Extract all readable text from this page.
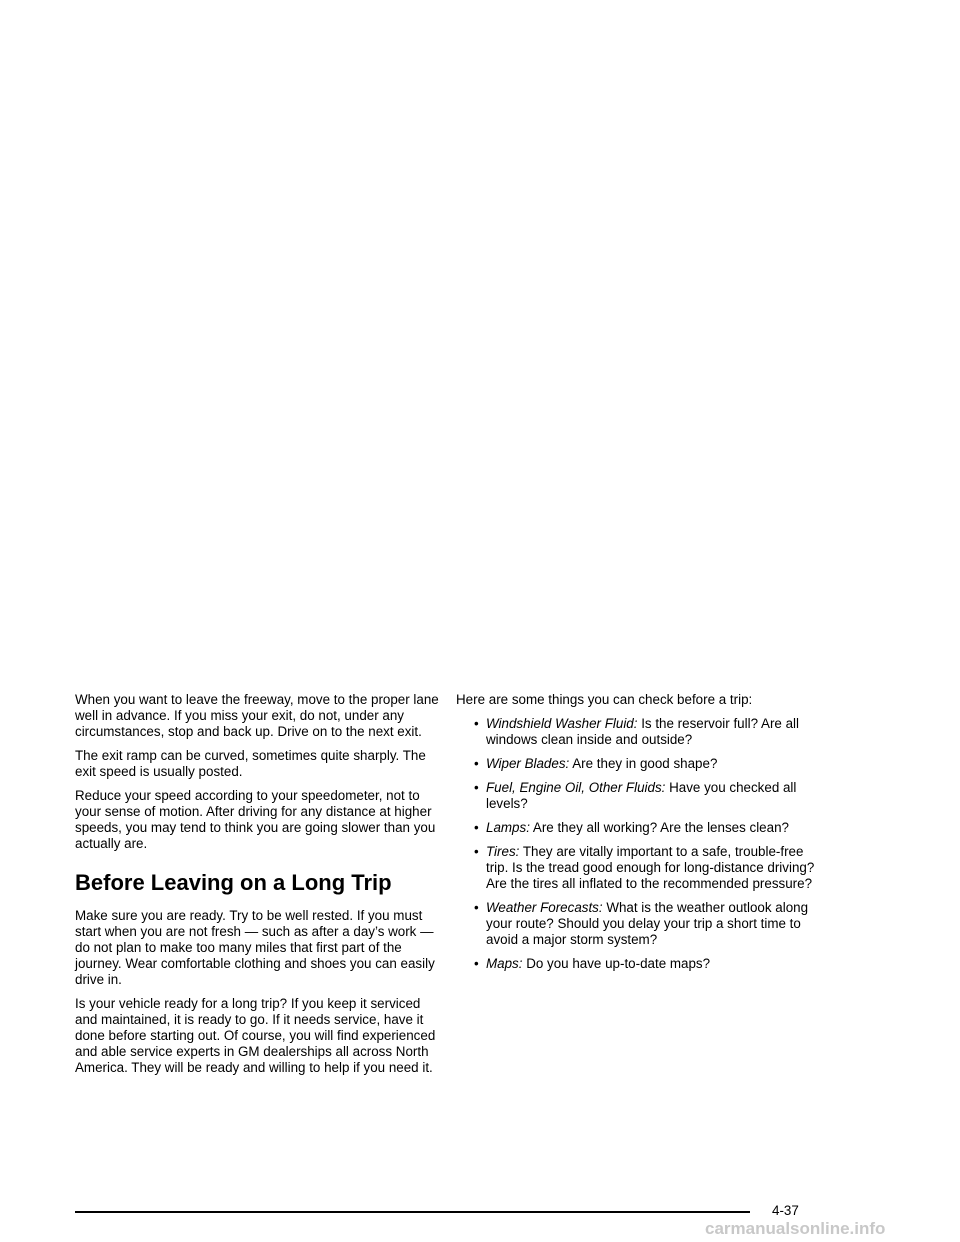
When you want to leave the freeway, move to the proper lane well in advance. If you miss your exit, do not, under any circumstances, stop and back up. Drive on to the next exit.

The exit ramp can be curved, sometimes quite sharply. The exit speed is usually posted.

Reduce your speed according to your speedometer, not to your sense of motion. After driving for any distance at higher speeds, you may tend to think you are going slower than you actually are.

Before Leaving on a Long Trip

Make sure you are ready. Try to be well rested. If you must start when you are not fresh — such as after a day’s work — do not plan to make too many miles that first part of the journey. Wear comfortable clothing and shoes you can easily drive in.

Is your vehicle ready for a long trip? If you keep it serviced and maintained, it is ready to go. If it needs service, have it done before starting out. Of course, you will find experienced and able service experts in GM dealerships all across North America. They will be ready and willing to help if you need it.

Here are some things you can check before a trip:

• Windshield Washer Fluid: Is the reservoir full? Are all windows clean inside and outside?
• Wiper Blades: Are they in good shape?
• Fuel, Engine Oil, Other Fluids: Have you checked all levels?
• Lamps: Are they all working? Are the lenses clean?
• Tires: They are vitally important to a safe, trouble-free trip. Is the tread good enough for long-distance driving? Are the tires all inflated to the recommended pressure?
• Weather Forecasts: What is the weather outlook along your route? Should you delay your trip a short time to avoid a major storm system?
• Maps: Do you have up-to-date maps?
4-37
carmanualsonline.info
